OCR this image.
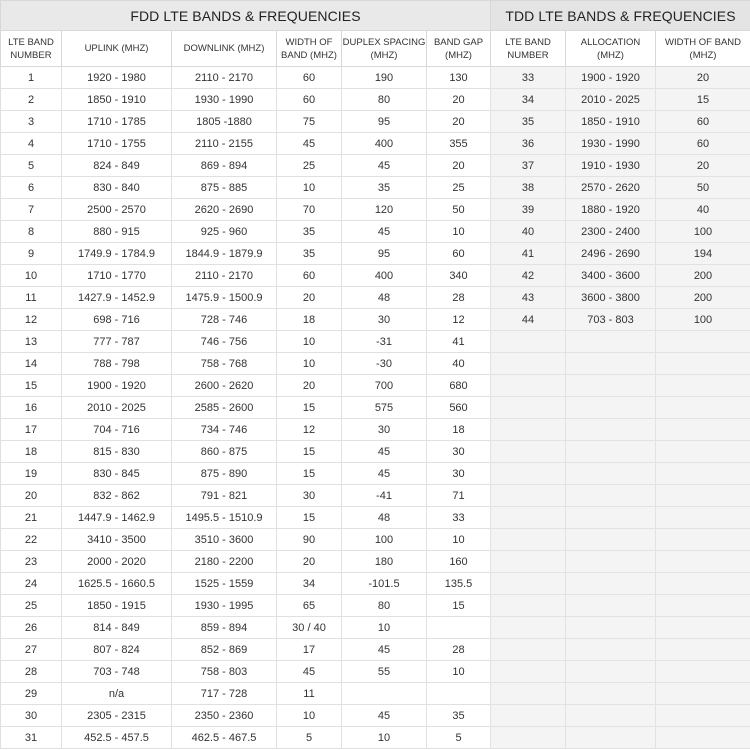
FDD LTE BANDS & FREQUENCIES					
LTE BAND NUMBER	UPLINK (MHZ)	DOWNLINK (MHZ)	WIDTH OF BAND (MHZ)	DUPLEX SPACING (MHZ)	BAND GAP (MHZ)
1	1920 - 1980	2110 - 2170	60	190	130
2	1850 - 1910	1930 - 1990	60	80	20
3	1710 - 1785	1805 -1880	75	95	20
4	1710 - 1755	2110 - 2155	45	400	355
5	824 - 849	869 - 894	25	45	20
6	830 - 840	875 - 885	10	35	25
7	2500 - 2570	2620 - 2690	70	120	50
8	880 - 915	925 - 960	35	45	10
9	1749.9 - 1784.9	1844.9 - 1879.9	35	95	60
10	1710 - 1770	2110 - 2170	60	400	340
11	1427.9 - 1452.9	1475.9 - 1500.9	20	48	28
12	698 - 716	728 - 746	18	30	12
13	777 - 787	746 - 756	10	-31	41
14	788 - 798	758 - 768	10	-30	40
15	1900 - 1920	2600 - 2620	20	700	680
16	2010 - 2025	2585 - 2600	15	575	560
17	704 - 716	734 - 746	12	30	18
18	815 - 830	860 - 875	15	45	30
19	830 - 845	875 - 890	15	45	30
20	832 - 862	791 - 821	30	-41	71
21	1447.9 - 1462.9	1495.5 - 1510.9	15	48	33
22	3410 - 3500	3510 - 3600	90	100	10
23	2000 - 2020	2180 - 2200	20	180	160
24	1625.5 - 1660.5	1525 - 1559	34	-101.5	135.5
25	1850 - 1915	1930 - 1995	65	80	15
26	814 - 849	859 - 894	30 / 40	10	
27	807 - 824	852 - 869	17	45	28
28	703 - 748	758 - 803	45	55	10
29	n/a	717 - 728	11		
30	2305 - 2315	2350 - 2360	10	45	35
31	452.5 - 457.5	462.5 - 467.5	5	10	5
TDD LTE BANDS & FREQUENCIES		
LTE BAND NUMBER	ALLOCATION (MHZ)	WIDTH OF BAND (MHZ)
33	1900 - 1920	20
34	2010 - 2025	15
35	1850 - 1910	60
36	1930 - 1990	60
37	1910 - 1930	20
38	2570 - 2620	50
39	1880 - 1920	40
40	2300 - 2400	100
41	2496 - 2690	194
42	3400 - 3600	200
43	3600 - 3800	200
44	703 - 803	100
